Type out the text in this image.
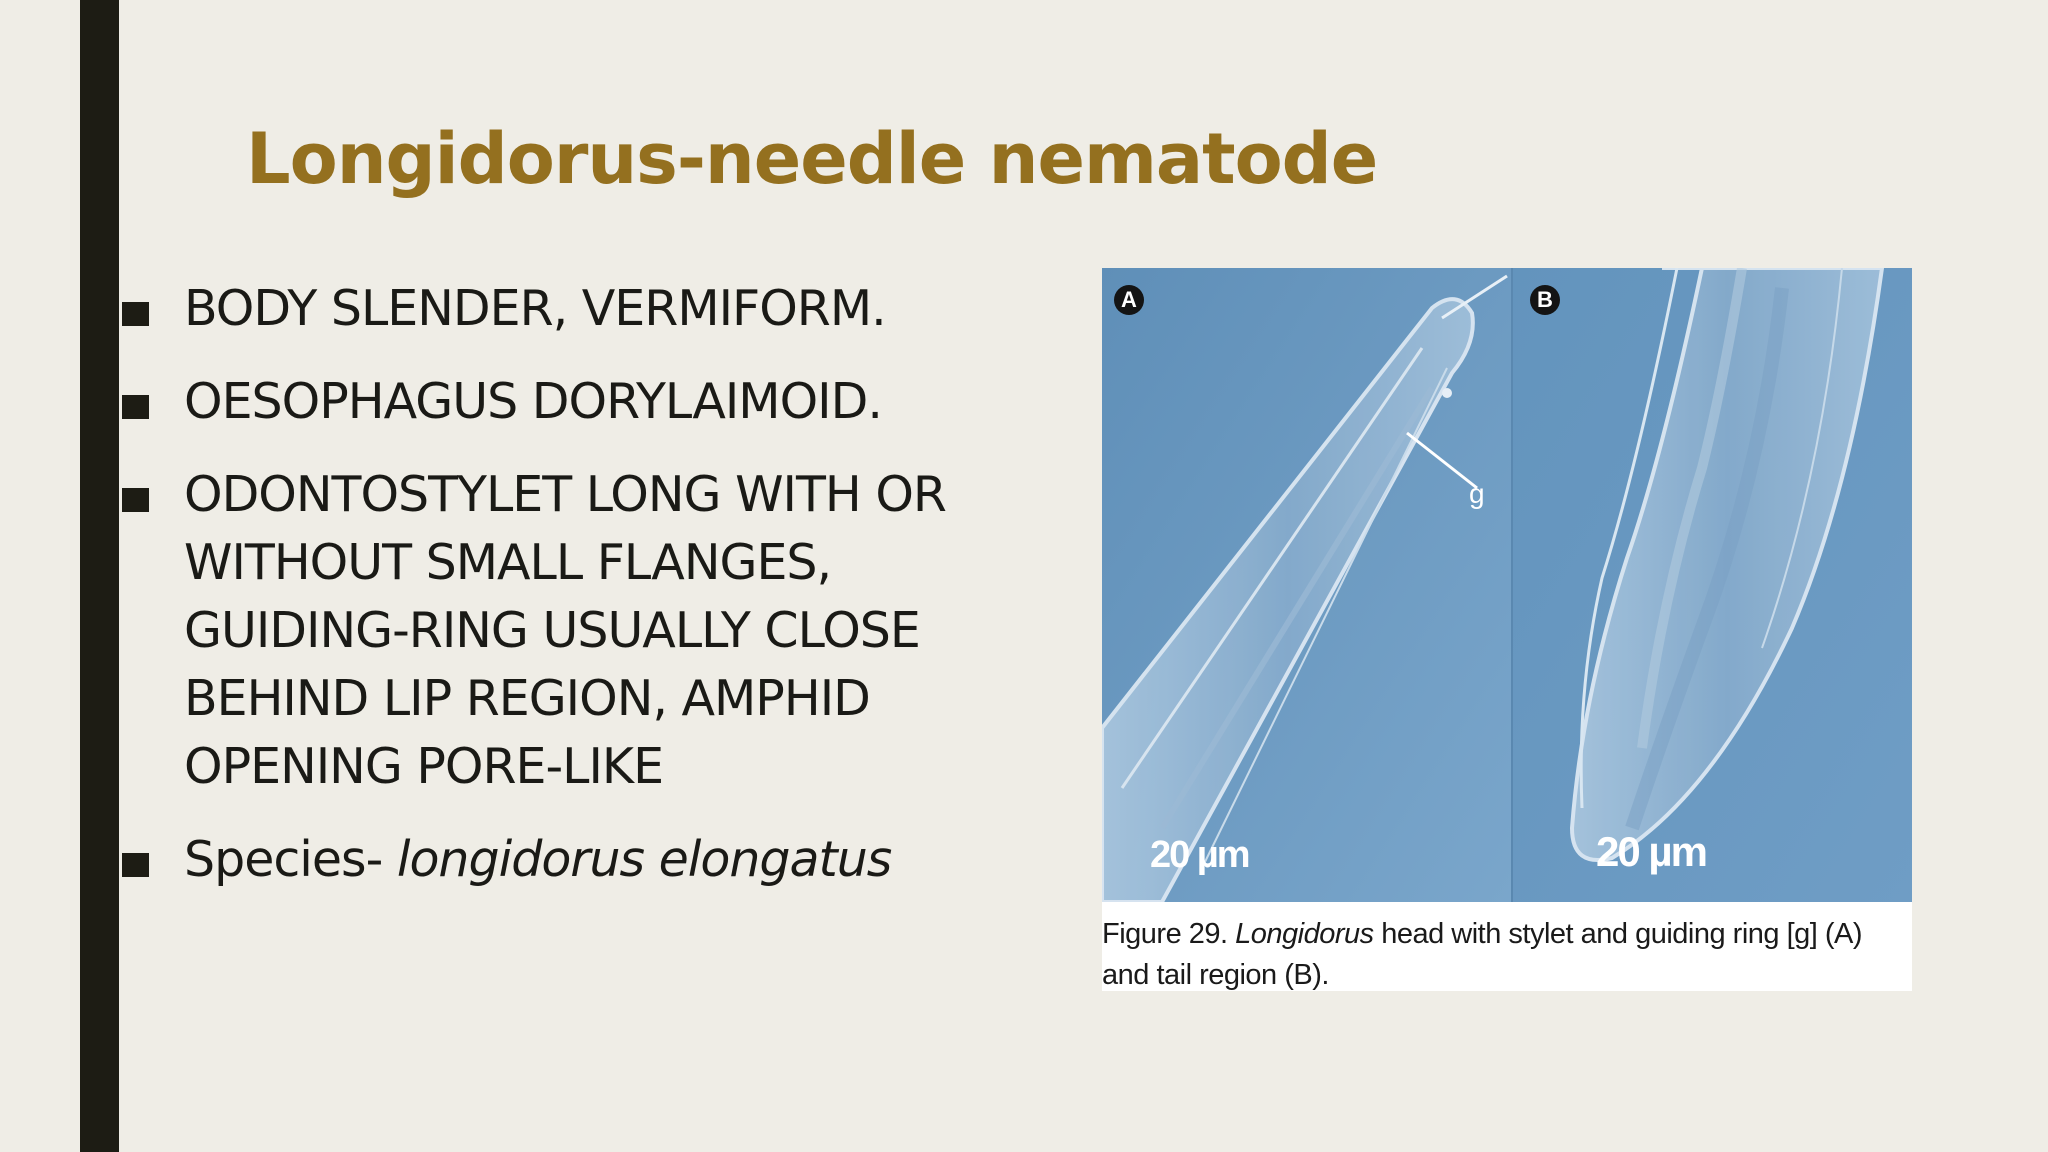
Longidorus-needle nematode
BODY SLENDER, VERMIFORM.
OESOPHAGUS DORYLAIMOID.
ODONTOSTYLET LONG WITH OR WITHOUT SMALL FLANGES, GUIDING-RING USUALLY CLOSE BEHIND LIP REGION, AMPHID OPENING PORE-LIKE
Species- longidorus elongatus
A	B
g
20 µm	20 µm
Figure 29. Longidorus head with stylet and guiding ring [g] (A) and tail region (B).
